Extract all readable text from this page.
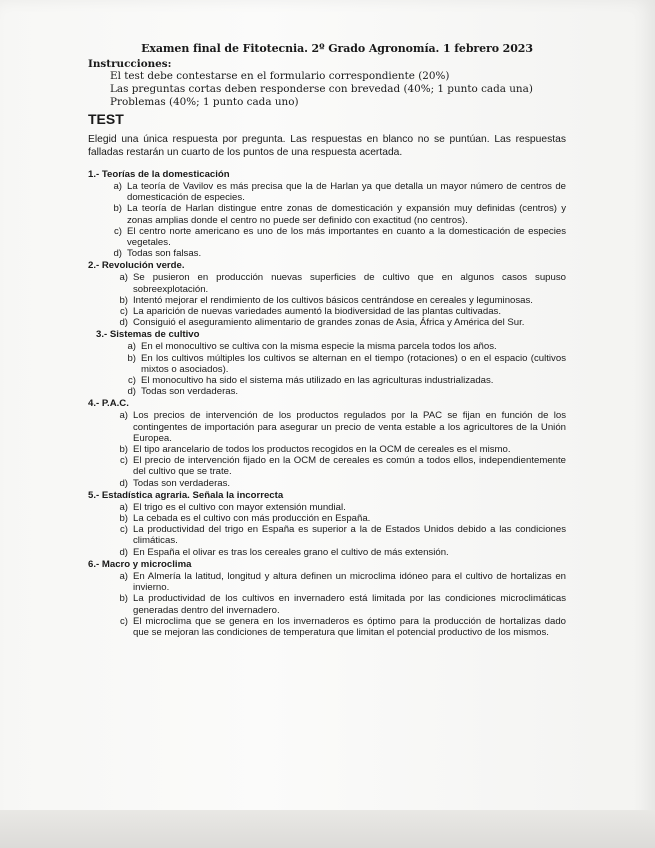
Examen final de Fitotecnia. 2º Grado Agronomía. 1 febrero 2023

Instrucciones:

El test debe contestarse en el formulario correspondiente (20%)

Las preguntas cortas deben responderse con brevedad (40%; 1 punto cada una)

Problemas (40%; 1 punto cada uno)

TEST

Elegid una única respuesta por pregunta. Las respuestas en blanco no se puntúan. Las respuestas falladas restarán un cuarto de los puntos de una respuesta acertada.

1.- Teorías de la domesticación

a) La teoría de Vavilov es más precisa que la de Harlan ya que detalla un mayor número de centros de domesticación de especies.
b) La teoría de Harlan distingue entre zonas de domesticación y expansión muy definidas (centros) y zonas amplias donde el centro no puede ser definido con exactitud (no centros).
c) El centro norte americano es uno de los más importantes en cuanto a la domesticación de especies vegetales.
d) Todas son falsas.

2.- Revolución verde.

a) Se pusieron en producción nuevas superficies de cultivo que en algunos casos supuso sobreexplotación.
b) Intentó mejorar el rendimiento de los cultivos básicos centrándose en cereales y leguminosas.
c) La aparición de nuevas variedades aumentó la biodiversidad de las plantas cultivadas.
d) Consiguió el aseguramiento alimentario de grandes zonas de Asia, África y América del Sur.

3.- Sistemas de cultivo

a) En el monocultivo se cultiva con la misma especie la misma parcela todos los años.
b) En los cultivos múltiples los cultivos se alternan en el tiempo (rotaciones) o en el espacio (cultivos mixtos o asociados).
c) El monocultivo ha sido el sistema más utilizado en las agriculturas industrializadas.
d) Todas son verdaderas.

4.- P.A.C.

a) Los precios de intervención de los productos regulados por la PAC se fijan en función de los contingentes de importación para asegurar un precio de venta estable a los agricultores de la Unión Europea.
b) El tipo arancelario de todos los productos recogidos en la OCM de cereales es el mismo.
c) El precio de intervención fijado en la OCM de cereales es común a todos ellos, independientemente del cultivo que se trate.
d) Todas son verdaderas.

5.- Estadística agraria. Señala la incorrecta

a) El trigo es el cultivo con mayor extensión mundial.
b) La cebada es el cultivo con más producción en España.
c) La productividad del trigo en España es superior a la de Estados Unidos debido a las condiciones climáticas.
d) En España el olivar es tras los cereales grano el cultivo de más extensión.

6.- Macro y microclima

a) En Almería la latitud, longitud y altura definen un microclima idóneo para el cultivo de hortalizas en invierno.
b) La productividad de los cultivos en invernadero está limitada por las condiciones microclimáticas generadas dentro del invernadero.
c) El microclima que se genera en los invernaderos es óptimo para la producción de hortalizas dado que se mejoran las condiciones de temperatura que limitan el potencial productivo de los mismos.
